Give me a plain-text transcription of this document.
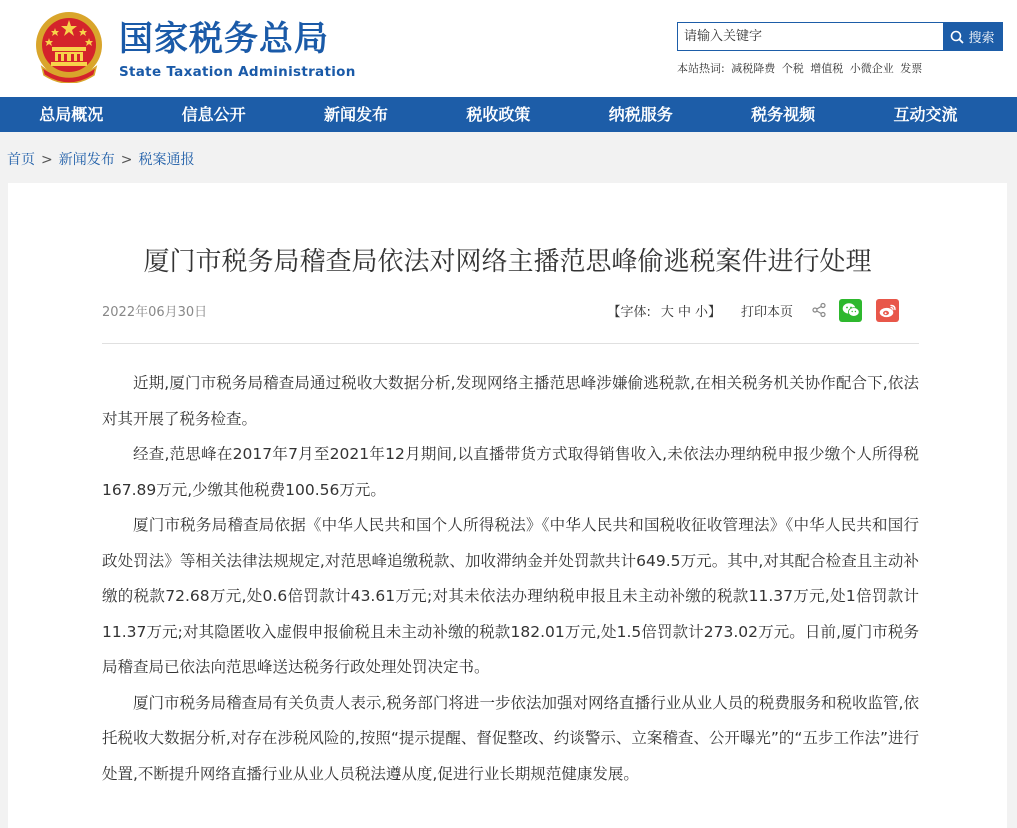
国家税务总局
State Taxation Administration
请输入关键字
搜索
本站热词: 减税降费 个税 增值税 小微企业 发票
总局概况	信息公开	新闻发布	税收政策	纳税服务	税务视频	互动交流
首页 > 新闻发布 > 税案通报
厦门市税务局稽查局依法对网络主播范思峰偷逃税案件进行处理
2022年06月30日	【字体: 大 中 小 】 打印本页

近期,厦门市税务局稽查局通过税收大数据分析,发现网络主播范思峰涉嫌偷逃税款,在相关税务机关协作配合下,依法对其开展了税务检查。

经查,范思峰在2017年7月至2021年12月期间,以直播带货方式取得销售收入,未依法办理纳税申报少缴个人所得税167.89万元,少缴其他税费100.56万元。

厦门市税务局稽查局依据《中华人民共和国个人所得税法》《中华人民共和国税收征收管理法》《中华人民共和国行政处罚法》等相关法律法规规定,对范思峰追缴税款、加收滞纳金并处罚款共计649.5万元。其中,对其配合检查且主动补缴的税款72.68万元,处0.6倍罚款计43.61万元;对其未依法办理纳税申报且未主动补缴的税款11.37万元,处1倍罚款计11.37万元;对其隐匿收入虚假申报偷税且未主动补缴的税款182.01万元,处1.5倍罚款计273.02万元。日前,厦门市税务局稽查局已依法向范思峰送达税务行政处理处罚决定书。

厦门市税务局稽查局有关负责人表示,税务部门将进一步依法加强对网络直播行业从业人员的税费服务和税收监管,依托税收大数据分析,对存在涉税风险的,按照“提示提醒、督促整改、约谈警示、立案稽查、公开曝光”的“五步工作法”进行处置,不断提升网络直播行业从业人员税法遵从度,促进行业长期规范健康发展。
